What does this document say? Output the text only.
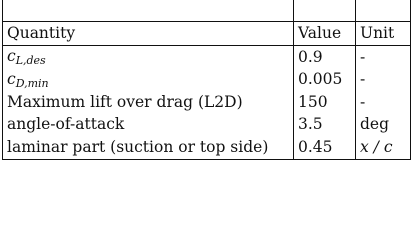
Quantity	Value	Unit
$c_{L,des}$	0.9	-
$c_{D,min}$	0.005	-
Maximum lift over drag (L2D)	150	-
angle-of-attack	3.5	deg
laminar part (suction or top side)	0.45	x / c
